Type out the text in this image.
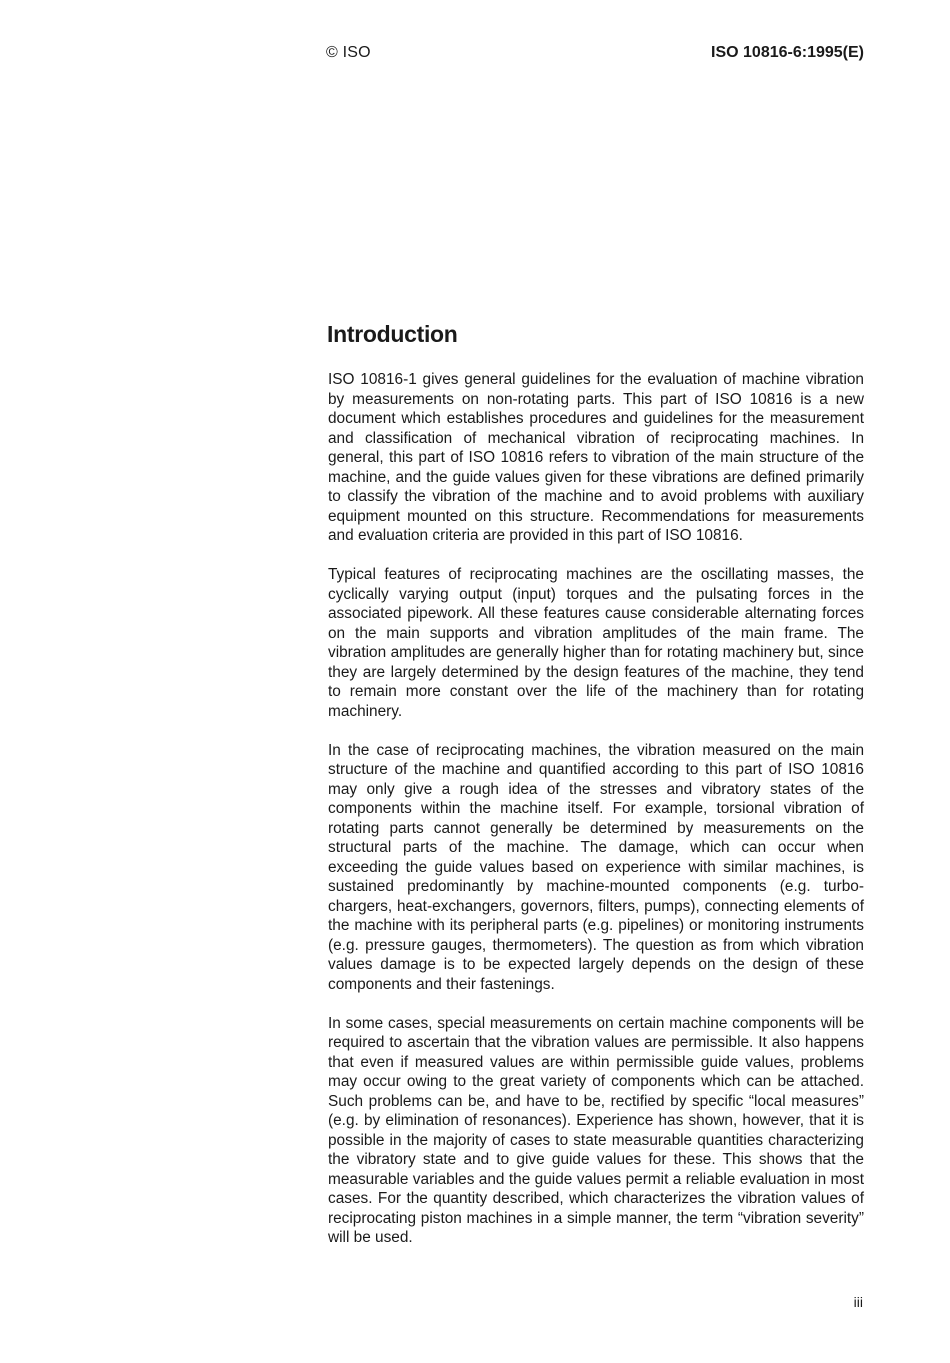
© ISO	ISO 10816-6:1995(E)
Introduction

ISO 10816-1 gives general guidelines for the evaluation of machine vibration by measurements on non-rotating parts. This part of ISO 10816 is a new document which establishes procedures and guidelines for the measurement and classification of mechanical vibration of reciprocating machines. In general, this part of ISO 10816 refers to vibration of the main structure of the machine, and the guide values given for these vibrations are defined primarily to classify the vibration of the machine and to avoid problems with auxiliary equipment mounted on this structure. Recommendations for measurements and evaluation criteria are provided in this part of ISO 10816.

Typical features of reciprocating machines are the oscillating masses, the cyclically varying output (input) torques and the pulsating forces in the associated pipework. All these features cause considerable alternating forces on the main supports and vibration amplitudes of the main frame. The vibration amplitudes are generally higher than for rotating machinery but, since they are largely determined by the design features of the machine, they tend to remain more constant over the life of the machinery than for rotating machinery.

In the case of reciprocating machines, the vibration measured on the main structure of the machine and quantified according to this part of ISO 10816 may only give a rough idea of the stresses and vibratory states of the components within the machine itself. For example, torsional vibration of rotating parts cannot generally be determined by measurements on the structural parts of the machine. The damage, which can occur when exceeding the guide values based on experience with similar machines, is sustained predominantly by machine-mounted components (e.g. turbo-chargers, heat-exchangers, governors, filters, pumps), connecting elements of the machine with its peripheral parts (e.g. pipelines) or monitoring instruments (e.g. pressure gauges, thermometers). The question as from which vibration values damage is to be expected largely depends on the design of these components and their fastenings.

In some cases, special measurements on certain machine components will be required to ascertain that the vibration values are permissible. It also happens that even if measured values are within permissible guide values, problems may occur owing to the great variety of components which can be attached. Such problems can be, and have to be, rectified by specific “local measures” (e.g. by elimination of resonances). Experience has shown, however, that it is possible in the majority of cases to state measurable quantities characterizing the vibratory state and to give guide values for these. This shows that the measurable variables and the guide values permit a reliable evaluation in most cases. For the quantity described, which characterizes the vibration values of reciprocating piston machines in a simple manner, the term “vibration severity” will be used.

iii
